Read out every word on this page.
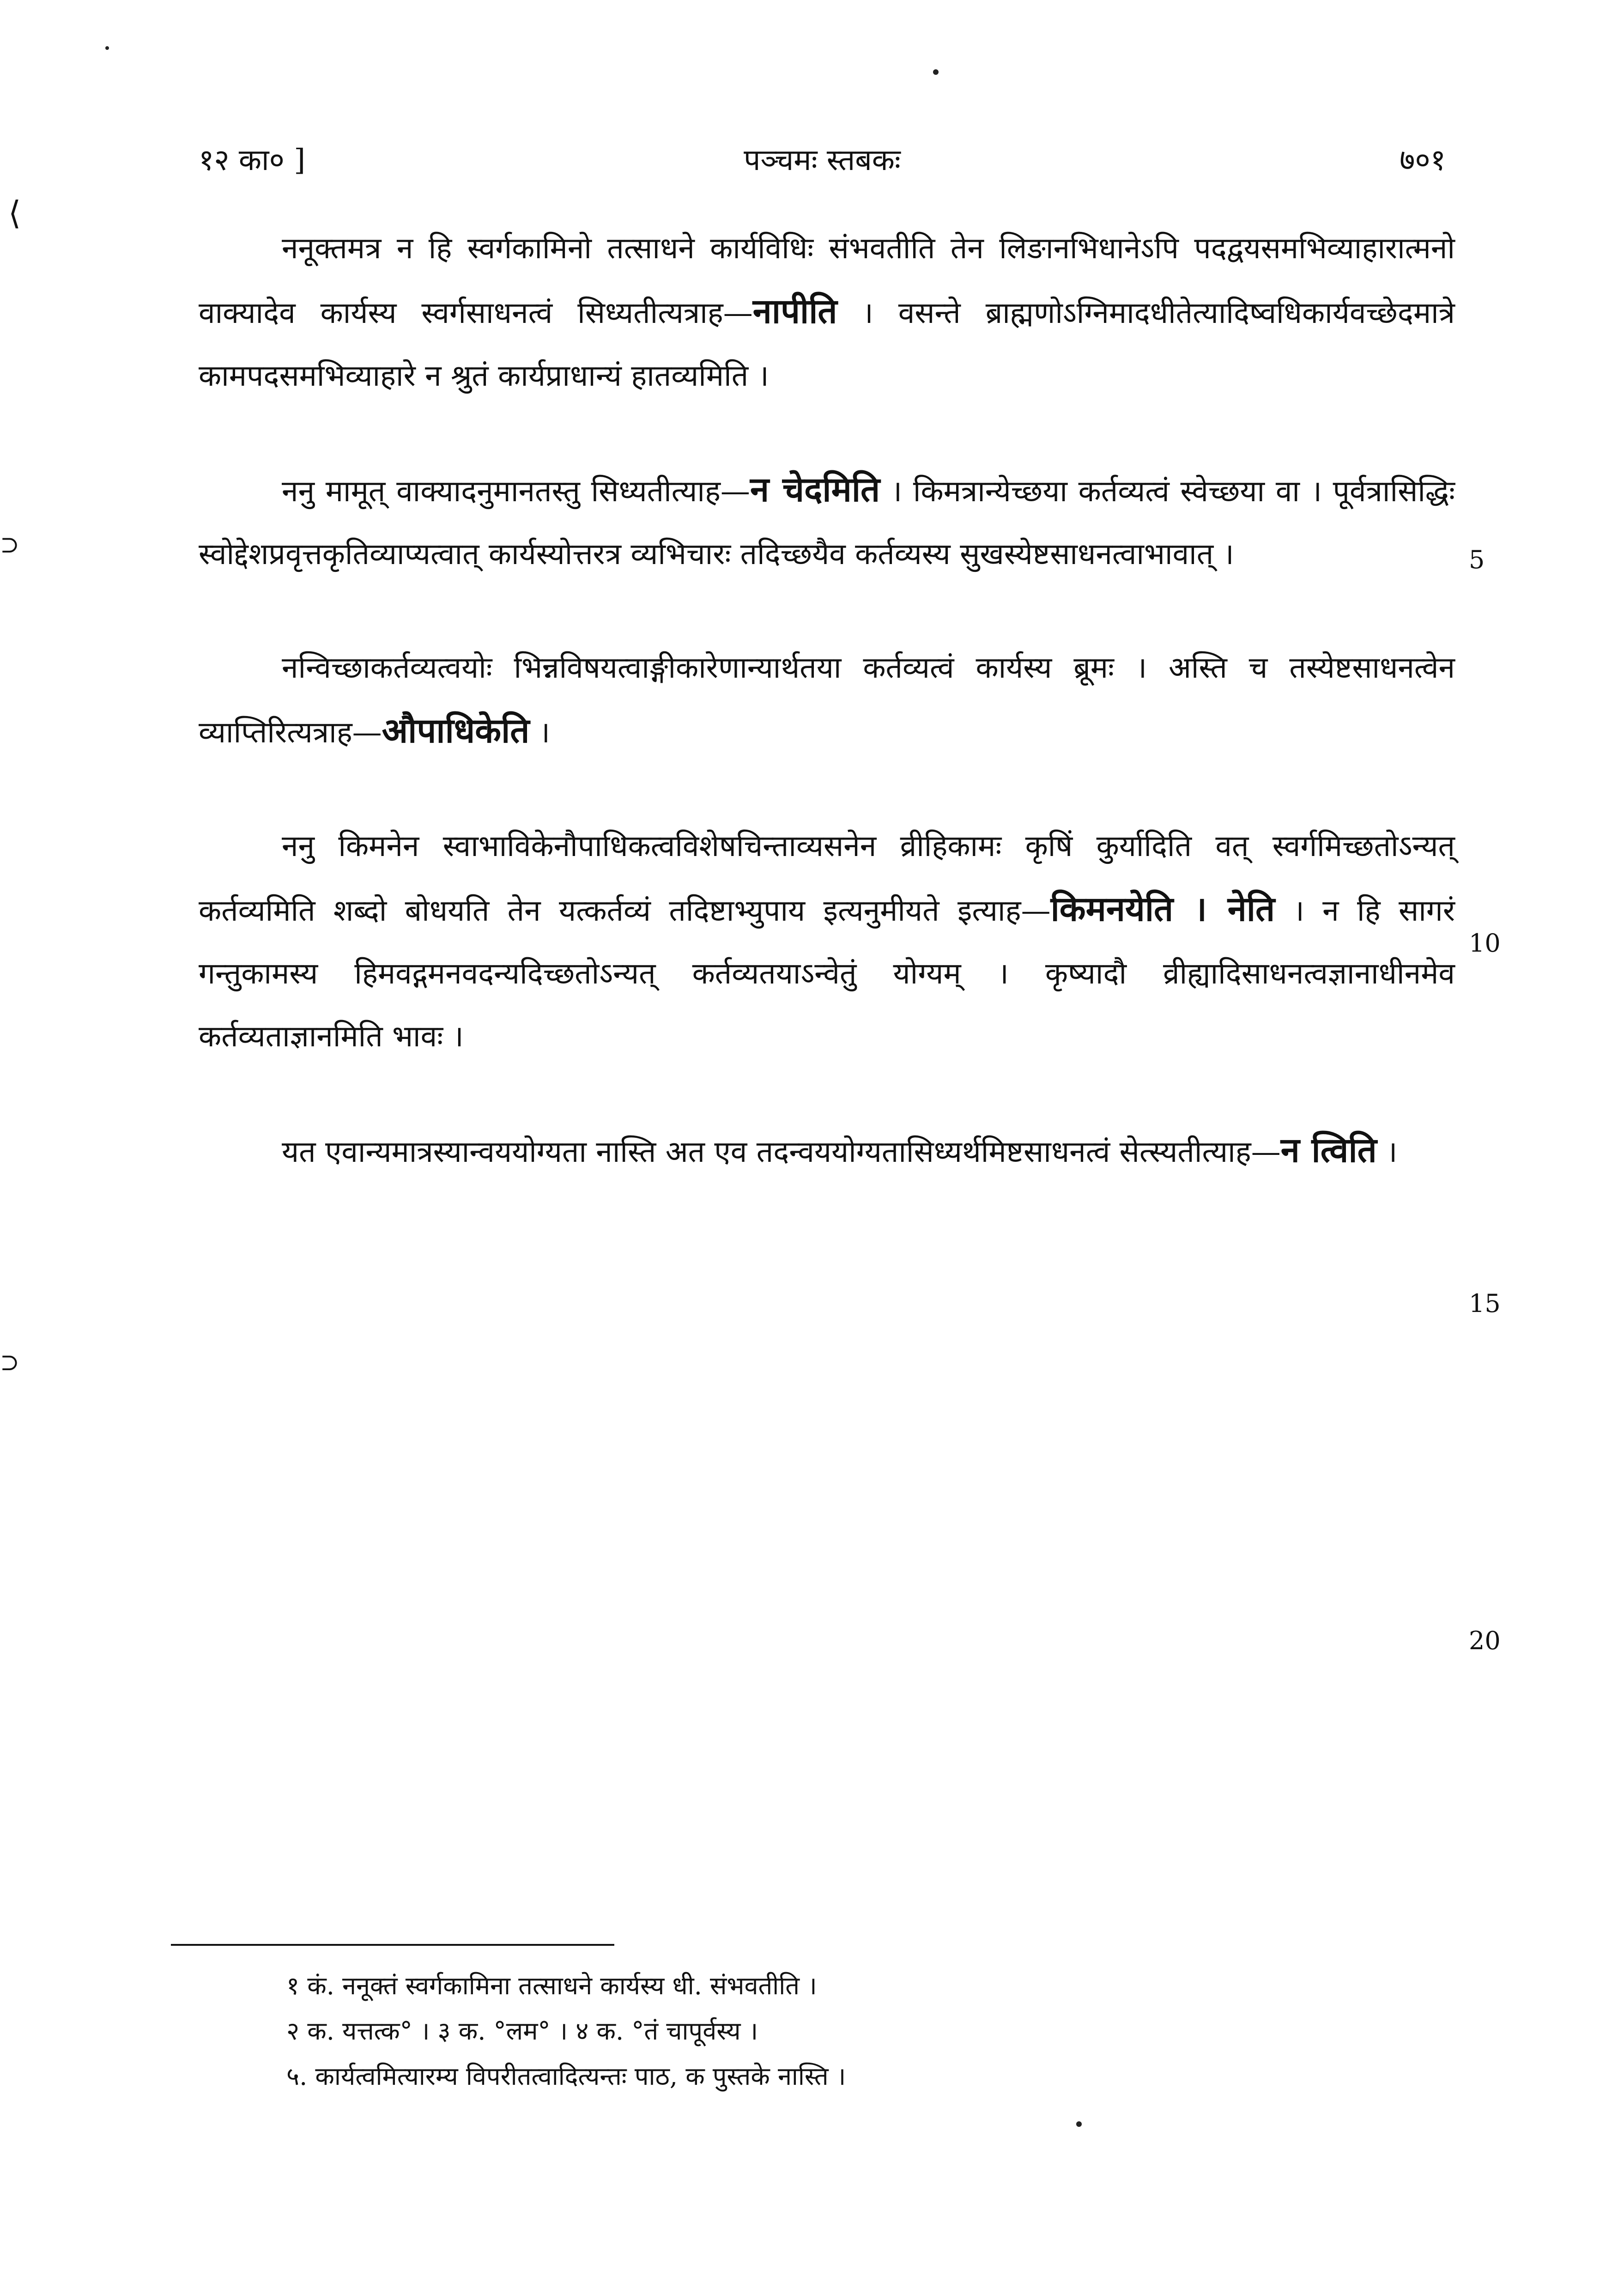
१२ का० ]	पञ्चमः स्तबकः	७०१

ननूक्तमत्र न हि स्वर्गकामिनो तत्साधने कार्यविधिः संभवतीति तेन लिङानभिधानेऽपि पदद्वयसमभिव्याहारात्मनो वाक्यादेव कार्यस्य स्वर्गसाधनत्वं सिध्यतीत्यत्राह—नापीति । वसन्ते ब्राह्मणोऽग्निमादधीतेत्यादिष्वधिकार्यवच्छेदमात्रे कामपदसमभिव्याहारे न श्रुतं कार्यप्राधान्यं हातव्यमिति ।

ननु मामूत् वाक्यादनुमानतस्तु सिध्यतीत्याह—न चेदमिति । किमत्रान्येच्छया कर्तव्यत्वं स्वेच्छया वा । पूर्वत्रासिद्धिः स्वोद्देशप्रवृत्तकृतिव्याप्यत्वात् कार्यस्योत्तरत्र व्यभिचारः तदिच्छयैव कर्तव्यस्य सुखस्येष्टसाधनत्वाभावात् ।

नन्विच्छाकर्तव्यत्वयोः भिन्नविषयत्वाङ्गीकारेणान्यार्थतया कर्तव्यत्वं कार्यस्य ब्रूमः । अस्ति च तस्येष्टसाधनत्वेन व्याप्तिरित्यत्राह—औपाधिकेति ।

ननु किमनेन स्वाभाविकेनौपाधिकत्वविशेषचिन्ताव्यसनेन व्रीहिकामः कृषिं कुर्यादिति वत् स्वर्गमिच्छतोऽन्यत् कर्तव्यमिति शब्दो बोधयति तेन यत्कर्तव्यं तदिष्टाभ्युपाय इत्यनुमीयते इत्याह—किमनयेति । नेति । न हि सागरं गन्तुकामस्य हिमवद्गमनवदन्यदिच्छतोऽन्यत् कर्तव्यतयाऽन्वेतुं योग्यम् । कृष्यादौ व्रीह्यादिसाधनत्वज्ञानाधीनमेव कर्तव्यताज्ञानमिति भावः ।

यत एवान्यमात्रस्यान्वययोग्यता नास्ति अत एव तदन्वययोग्यतासिध्यर्थमिष्टसाधनत्वं सेत्स्यतीत्याह—न त्विति ।

5
10
15
20

१ कं. ननूक्तं स्वर्गकामिना तत्साधने कार्यस्य धी. संभवतीति ।

२ क. यत्तत्क° । ३ क. °लम° । ४ क. °तं चापूर्वस्य ।

५. कार्यत्वमित्यारम्य विपरीतत्वादित्यन्तः पाठ, क पुस्तके नास्ति ।

⟨
⊃
⊃
